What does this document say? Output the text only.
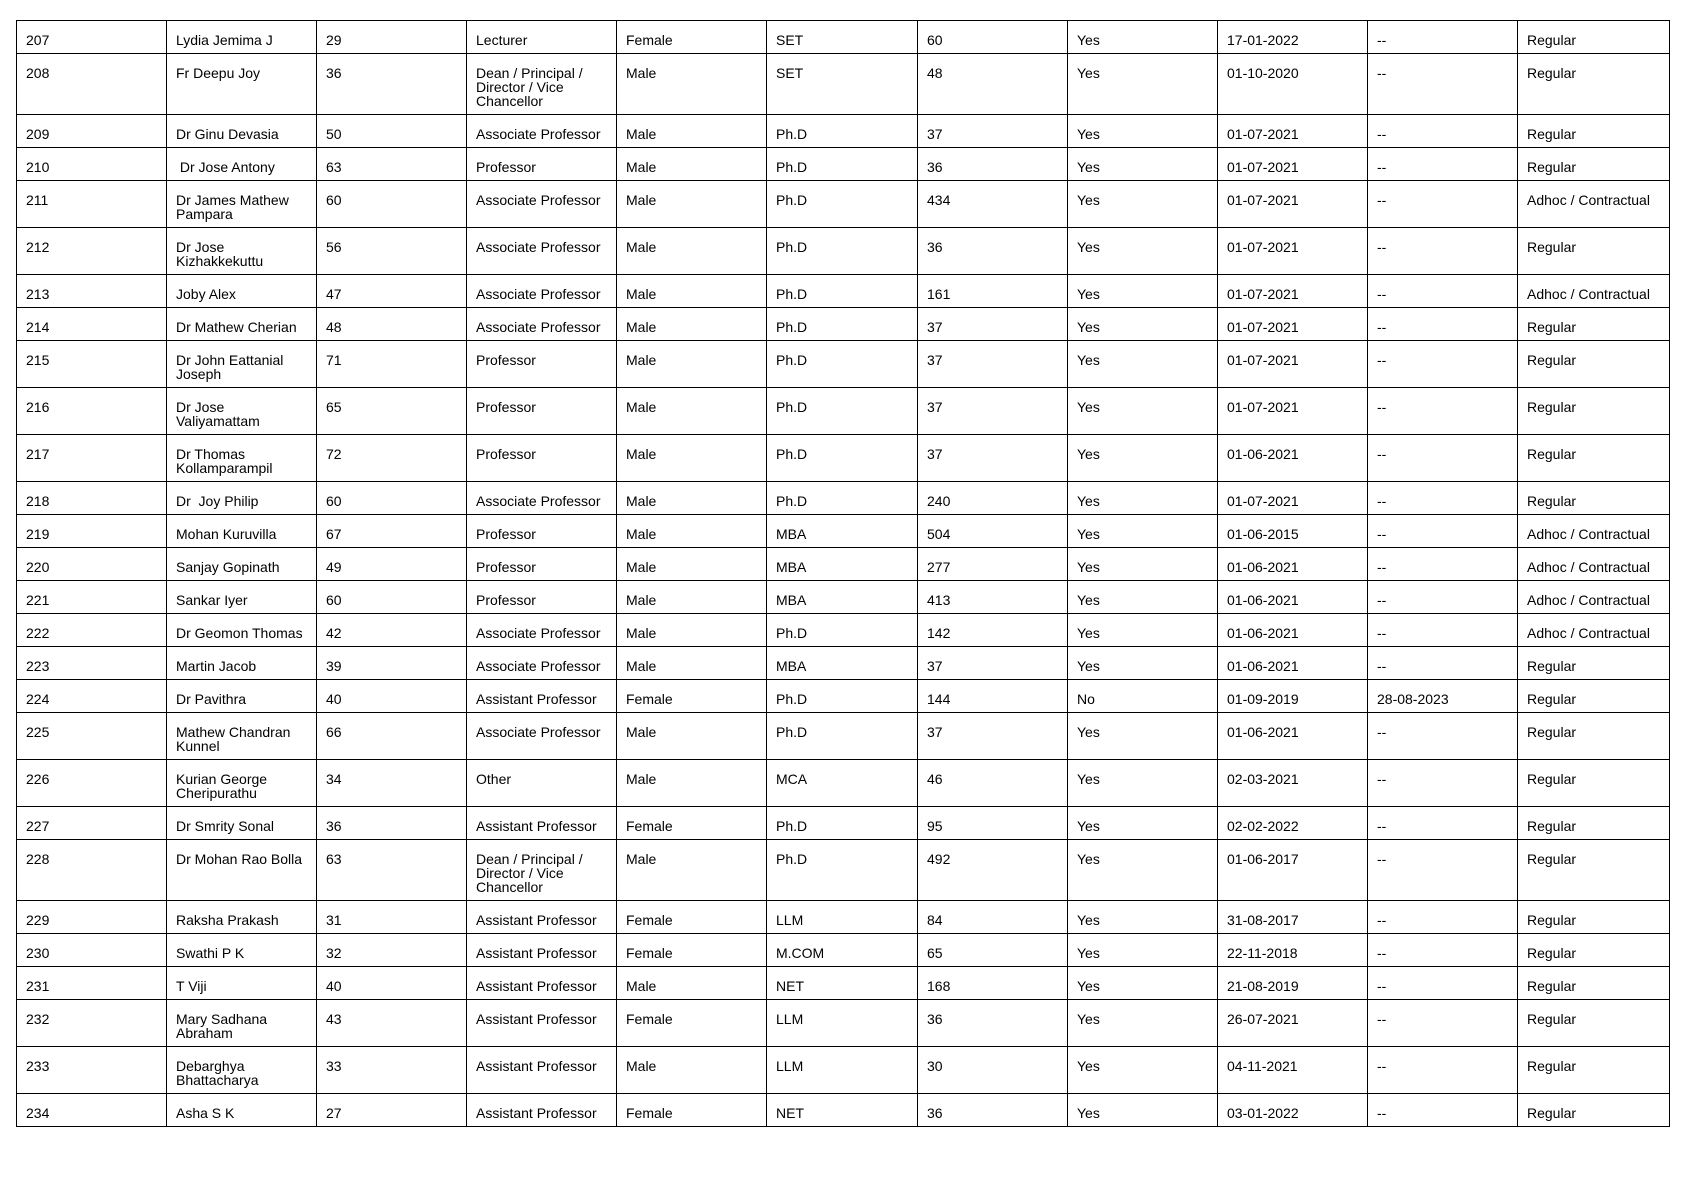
207	Lydia Jemima J	29	Lecturer	Female	SET	60	Yes	17-01-2022	--	Regular
208	Fr Deepu Joy	36	Dean / Principal /
Director / Vice
Chancellor	Male	SET	48	Yes	01-10-2020	--	Regular
209	Dr Ginu Devasia	50	Associate Professor	Male	Ph.D	37	Yes	01-07-2021	--	Regular
210	Dr Jose Antony	63	Professor	Male	Ph.D	36	Yes	01-07-2021	--	Regular
211	Dr James Mathew
Pampara	60	Associate Professor	Male	Ph.D	434	Yes	01-07-2021	--	Adhoc / Contractual
212	Dr Jose
Kizhakkekuttu	56	Associate Professor	Male	Ph.D	36	Yes	01-07-2021	--	Regular
213	Joby Alex	47	Associate Professor	Male	Ph.D	161	Yes	01-07-2021	--	Adhoc / Contractual
214	Dr Mathew Cherian	48	Associate Professor	Male	Ph.D	37	Yes	01-07-2021	--	Regular
215	Dr John Eattanial
Joseph	71	Professor	Male	Ph.D	37	Yes	01-07-2021	--	Regular
216	Dr Jose
Valiyamattam	65	Professor	Male	Ph.D	37	Yes	01-07-2021	--	Regular
217	Dr Thomas
Kollamparampil	72	Professor	Male	Ph.D	37	Yes	01-06-2021	--	Regular
218	Dr  Joy Philip	60	Associate Professor	Male	Ph.D	240	Yes	01-07-2021	--	Regular
219	Mohan Kuruvilla	67	Professor	Male	MBA	504	Yes	01-06-2015	--	Adhoc / Contractual
220	Sanjay Gopinath	49	Professor	Male	MBA	277	Yes	01-06-2021	--	Adhoc / Contractual
221	Sankar Iyer	60	Professor	Male	MBA	413	Yes	01-06-2021	--	Adhoc / Contractual
222	Dr Geomon Thomas	42	Associate Professor	Male	Ph.D	142	Yes	01-06-2021	--	Adhoc / Contractual
223	Martin Jacob	39	Associate Professor	Male	MBA	37	Yes	01-06-2021	--	Regular
224	Dr Pavithra	40	Assistant Professor	Female	Ph.D	144	No	01-09-2019	28-08-2023	Regular
225	Mathew Chandran
Kunnel	66	Associate Professor	Male	Ph.D	37	Yes	01-06-2021	--	Regular
226	Kurian George
Cheripurathu	34	Other	Male	MCA	46	Yes	02-03-2021	--	Regular
227	Dr Smrity Sonal	36	Assistant Professor	Female	Ph.D	95	Yes	02-02-2022	--	Regular
228	Dr Mohan Rao Bolla	63	Dean / Principal /
Director / Vice
Chancellor	Male	Ph.D	492	Yes	01-06-2017	--	Regular
229	Raksha Prakash	31	Assistant Professor	Female	LLM	84	Yes	31-08-2017	--	Regular
230	Swathi P K	32	Assistant Professor	Female	M.COM	65	Yes	22-11-2018	--	Regular
231	T Viji	40	Assistant Professor	Male	NET	168	Yes	21-08-2019	--	Regular
232	Mary Sadhana
Abraham	43	Assistant Professor	Female	LLM	36	Yes	26-07-2021	--	Regular
233	Debarghya
Bhattacharya	33	Assistant Professor	Male	LLM	30	Yes	04-11-2021	--	Regular
234	Asha S K	27	Assistant Professor	Female	NET	36	Yes	03-01-2022	--	Regular
